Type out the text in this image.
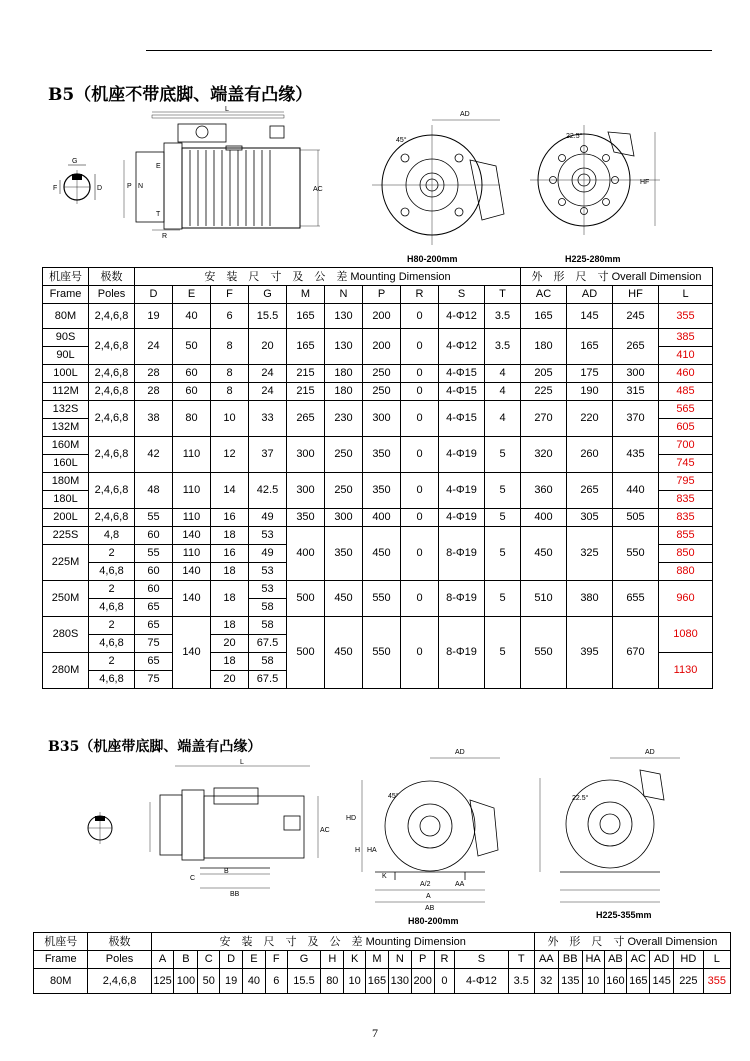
B5（机座不带底脚、端盖有凸缘）
G
F	D
L
AC
P N
E
T
R
AD
45°
HF
22.5°
H80-200mm	H225-280mm
机座号	极数	安　装　尺　寸　及　公　差 Mounting Dimension										外　形　尺　寸 Overall Dimension			
Frame	Poles	D	E	F	G	M	N	P	R	S	T	AC	AD	HF	L
80M	2,4,6,8	19	40	6	15.5	165	130	200	0	4-Φ12	3.5	165	145	245	355
90S	2,4,6,8	24	50	8	20	165	130	200	0	4-Φ12	3.5	180	165	265	385
90L															410
100L	2,4,6,8	28	60	8	24	215	180	250	0	4-Φ15	4	205	175	300	460
112M	2,4,6,8	28	60	8	24	215	180	250	0	4-Φ15	4	225	190	315	485
132S	2,4,6,8	38	80	10	33	265	230	300	0	4-Φ15	4	270	220	370	565
132M															605
160M	2,4,6,8	42	110	12	37	300	250	350	0	4-Φ19	5	320	260	435	700
160L															745
180M	2,4,6,8	48	110	14	42.5	300	250	350	0	4-Φ19	5	360	265	440	795
180L															835
200L	2,4,6,8	55	110	16	49	350	300	400	0	4-Φ19	5	400	305	505	835
225S	4,8	60	140	18	53	400	350	450	0	8-Φ19	5	450	325	550	855
225M	2	55	110	16	49										850
	4,6,8	60	140	18	53										880
250M	2	60	140	18	53	500	450	550	0	8-Φ19	5	510	380	655	960
	4,6,8	65			58										
280S	2	65	140	18	58	500	450	550	0	8-Φ19	5	550	395	670	1080
	4,6,8	75		20	67.5										
280M	2	65		18	58										1130
	4,6,8	75		20	67.5										
B35（机座带底脚、端盖有凸缘）
L
AC
B
BB
C
AD
HD
H HA
K
A/2
A
AB
AA
45°
AD
22.5°
H80-200mm
H225-355mm
机座号	极数	安　装　尺　寸　及　公　差 Mounting Dimension															外　形　尺　寸 Overall Dimension							
Frame	Poles	A	B	C	D	E	F	G	H	K	M	N	P	R	S	T	AA	BB	HA	AB	AC	AD	HD	L
80M	2,4,6,8	125	100	50	19	40	6	15.5	80	10	165	130	200	0	4-Φ12	3.5	32	135	10	160	165	145	225	355
7
